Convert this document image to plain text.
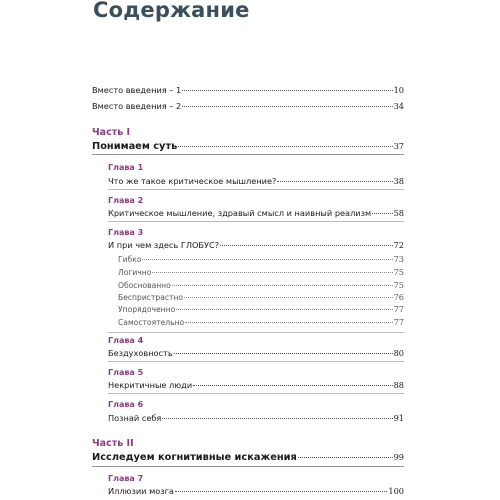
Содержание
Вместо введения – 1	10
Вместо введения – 2	34
Часть I
Понимаем суть	37
Глава 1
Что же такое критическое мышление?	38
Глава 2
Критическое мышление, здравый смысл и наивный реализм	58
Глава 3
И при чем здесь ГЛОБУС?	72
Гибко	73
Логично	75
Обоснованно	75
Беспристрастно	76
Упорядоченно	77
Самостоятельно	77
Глава 4
Бездуховность	80
Глава 5
Некритичные люди	88
Глава 6
Познай себя	91
Часть II
Исследуем когнитивные искажения	99
Глава 7
Иллюзии мозга	100
